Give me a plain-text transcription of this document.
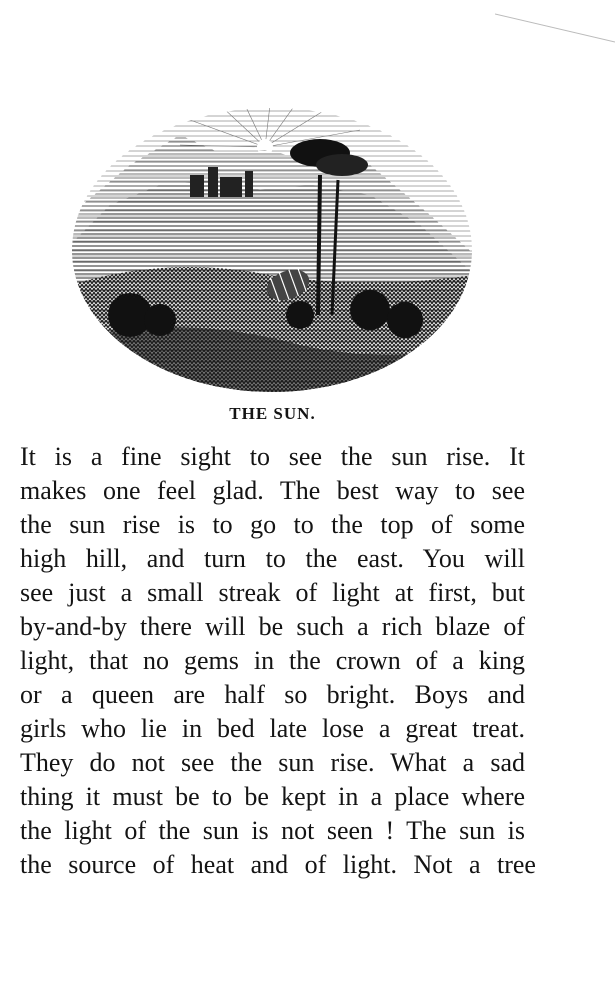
THE SUN.
It is a fine sight to see the sun rise. It
makes one feel glad. The best way to see
the sun rise is to go to the top of some
high hill, and turn to the east. You will
see just a small streak of light at first, but
by-and-by there will be such a rich blaze of
light, that no gems in the crown of a king
or a queen are half so bright. Boys and
girls who lie in bed late lose a great treat.
They do not see the sun rise. What a sad
thing it must be to be kept in a place where
the light of the sun is not seen ! The sun is
the source of heat and of light. Not a tree
